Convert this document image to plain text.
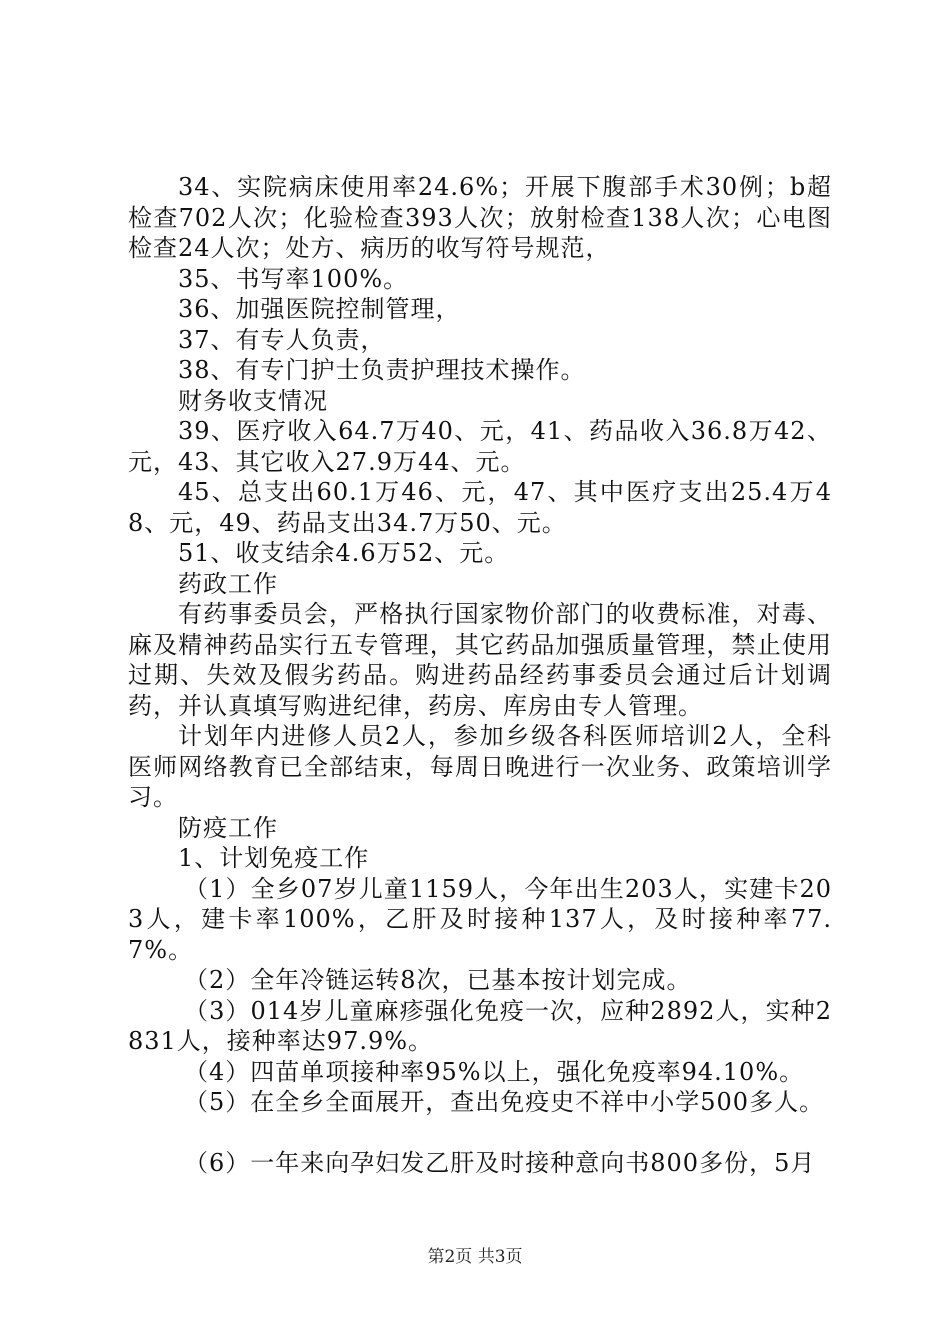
34、实院病床使用率24.6%；开展下腹部手术30例；b超检查702人次；化验检查393人次；放射检查138人次；心电图检查24人次；处方、病历的收写符号规范，

35、书写率100%。

36、加强医院控制管理，

37、有专人负责，

38、有专门护士负责护理技术操作。

财务收支情况

39、医疗收入64.7万40、元，41、药品收入36.8万42、元，43、其它收入27.9万44、元。

45、总支出60.1万46、元，47、其中医疗支出25.4万48、元，49、药品支出34.7万50、元。

51、收支结余4.6万52、元。

药政工作

有药事委员会，严格执行国家物价部门的收费标准，对毒、麻及精神药品实行五专管理，其它药品加强质量管理，禁止使用过期、失效及假劣药品。购进药品经药事委员会通过后计划调药，并认真填写购进纪律，药房、库房由专人管理。

计划年内进修人员2人，参加乡级各科医师培训2人，全科医师网络教育已全部结束，每周日晚进行一次业务、政策培训学习。

防疫工作

1、计划免疫工作

（1）全乡07岁儿童1159人，今年出生203人，实建卡203人，建卡率100%，乙肝及时接种137人，及时接种率77.7%。

（2）全年冷链运转8次，已基本按计划完成。

（3）014岁儿童麻疹强化免疫一次，应种2892人，实种2831人，接种率达97.9%。

（4）四苗单项接种率95%以上，强化免疫率94.10%。

（5）在全乡全面展开，查出免疫史不祥中小学500多人。

（6）一年来向孕妇发乙肝及时接种意向书800多份，5月

第2页 共3页
